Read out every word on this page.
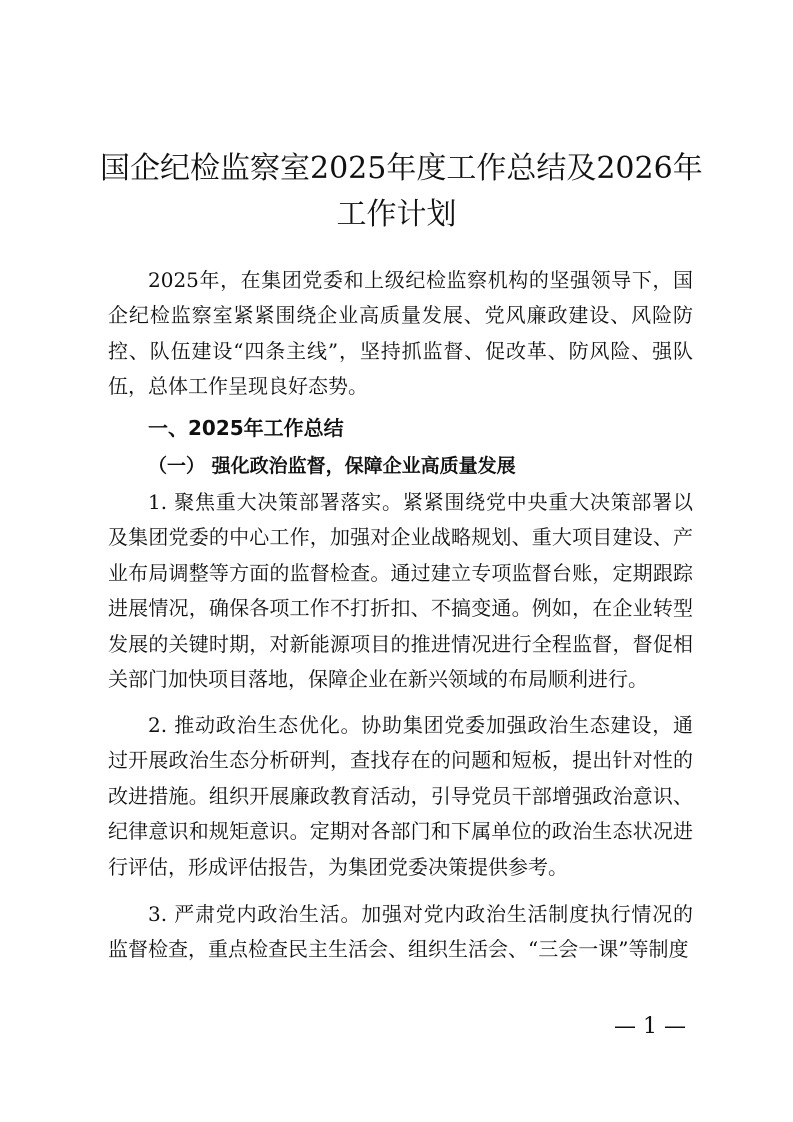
国企纪检监察室2025年度工作总结及2026年
工作计划

2025年，在集团党委和上级纪检监察机构的坚强领导下，国企纪检监察室紧紧围绕企业高质量发展、党风廉政建设、风险防控、队伍建设“四条主线”，坚持抓监督、促改革、防风险、强队伍，总体工作呈现良好态势。

一、2025年工作总结
（一） 强化政治监督，保障企业高质量发展

1. 聚焦重大决策部署落实。紧紧围绕党中央重大决策部署以及集团党委的中心工作，加强对企业战略规划、重大项目建设、产业布局调整等方面的监督检查。通过建立专项监督台账，定期跟踪进展情况，确保各项工作不打折扣、不搞变通。例如，在企业转型发展的关键时期，对新能源项目的推进情况进行全程监督，督促相关部门加快项目落地，保障企业在新兴领域的布局顺利进行。

2. 推动政治生态优化。协助集团党委加强政治生态建设，通过开展政治生态分析研判，查找存在的问题和短板，提出针对性的改进措施。组织开展廉政教育活动，引导党员干部增强政治意识、纪律意识和规矩意识。定期对各部门和下属单位的政治生态状况进行评估，形成评估报告，为集团党委决策提供参考。

3. 严肃党内政治生活。加强对党内政治生活制度执行情况的监督检查，重点检查民主生活会、组织生活会、“三会一课”等制度

— 1 —
